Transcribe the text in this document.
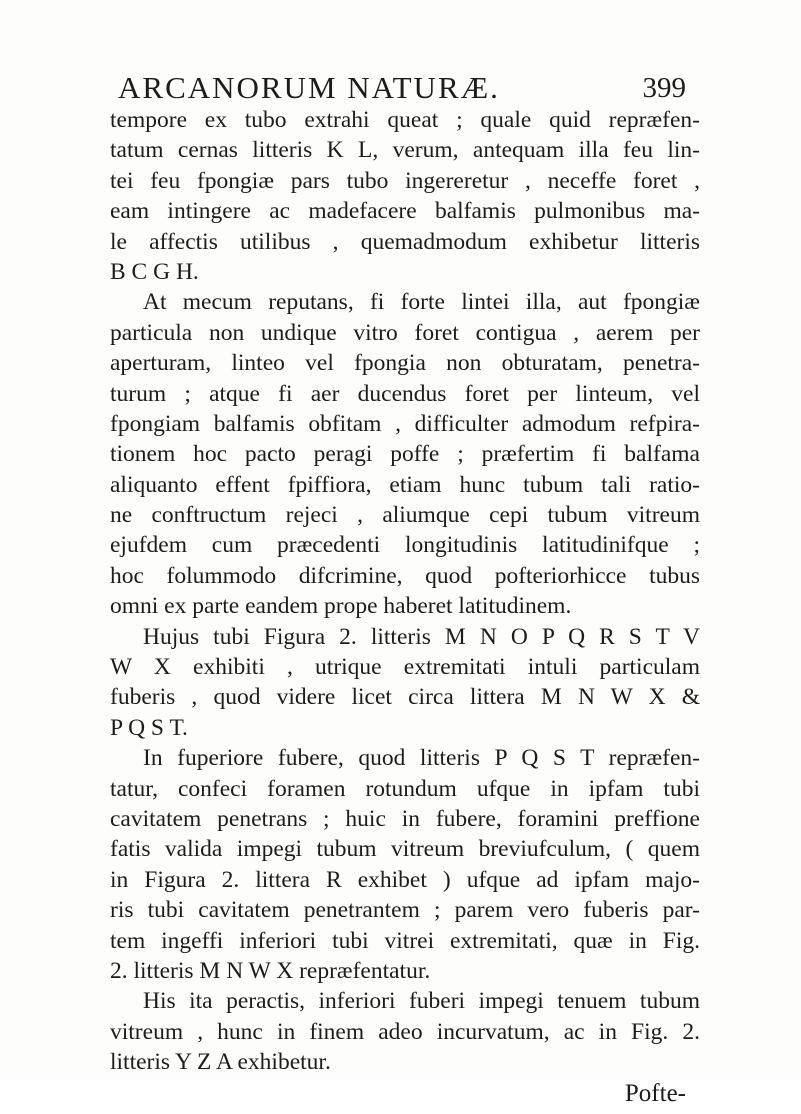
ARCANORUM NATURÆ.	399
tempore ex tubo extrahi queat ; quale quid repræfen-
tatum cernas litteris K L, verum, antequam illa feu lin-
tei feu fpongiæ pars tubo ingereretur , neceffe foret ,
eam intingere ac madefacere balfamis pulmonibus ma-
le affectis utilibus , quemadmodum exhibetur litteris
B C G H.
At mecum reputans, fi forte lintei illa, aut fpongiæ
particula non undique vitro foret contigua , aerem per
aperturam, linteo vel fpongia non obturatam, penetra-
turum ; atque fi aer ducendus foret per linteum, vel
fpongiam balfamis obfitam , difficulter admodum refpira-
tionem hoc pacto peragi poffe ; præfertim fi balfama
aliquanto effent fpiffiora, etiam hunc tubum tali ratio-
ne conftructum rejeci , aliumque cepi tubum vitreum
ejufdem cum præcedenti longitudinis latitudinifque ;
hoc folummodo difcrimine, quod pofteriorhicce tubus
omni ex parte eandem prope haberet latitudinem.
Hujus tubi Figura 2. litteris M N O P Q R S T V
W X exhibiti , utrique extremitati intuli particulam
fuberis , quod videre licet circa littera M N W X &
P Q S T.
In fuperiore fubere, quod litteris P Q S T repræfen-
tatur, confeci foramen rotundum ufque in ipfam tubi
cavitatem penetrans ; huic in fubere, foramini preffione
fatis valida impegi tubum vitreum breviufculum, ( quem
in Figura 2. littera R exhibet ) ufque ad ipfam majo-
ris tubi cavitatem penetrantem ; parem vero fuberis par-
tem ingeffi inferiori tubi vitrei extremitati, quæ in Fig.
2. litteris M N W X repræfentatur.
His ita peractis, inferiori fuberi impegi tenuem tubum
vitreum , hunc in finem adeo incurvatum, ac in Fig. 2.
litteris Y Z A exhibetur.
Pofte-
